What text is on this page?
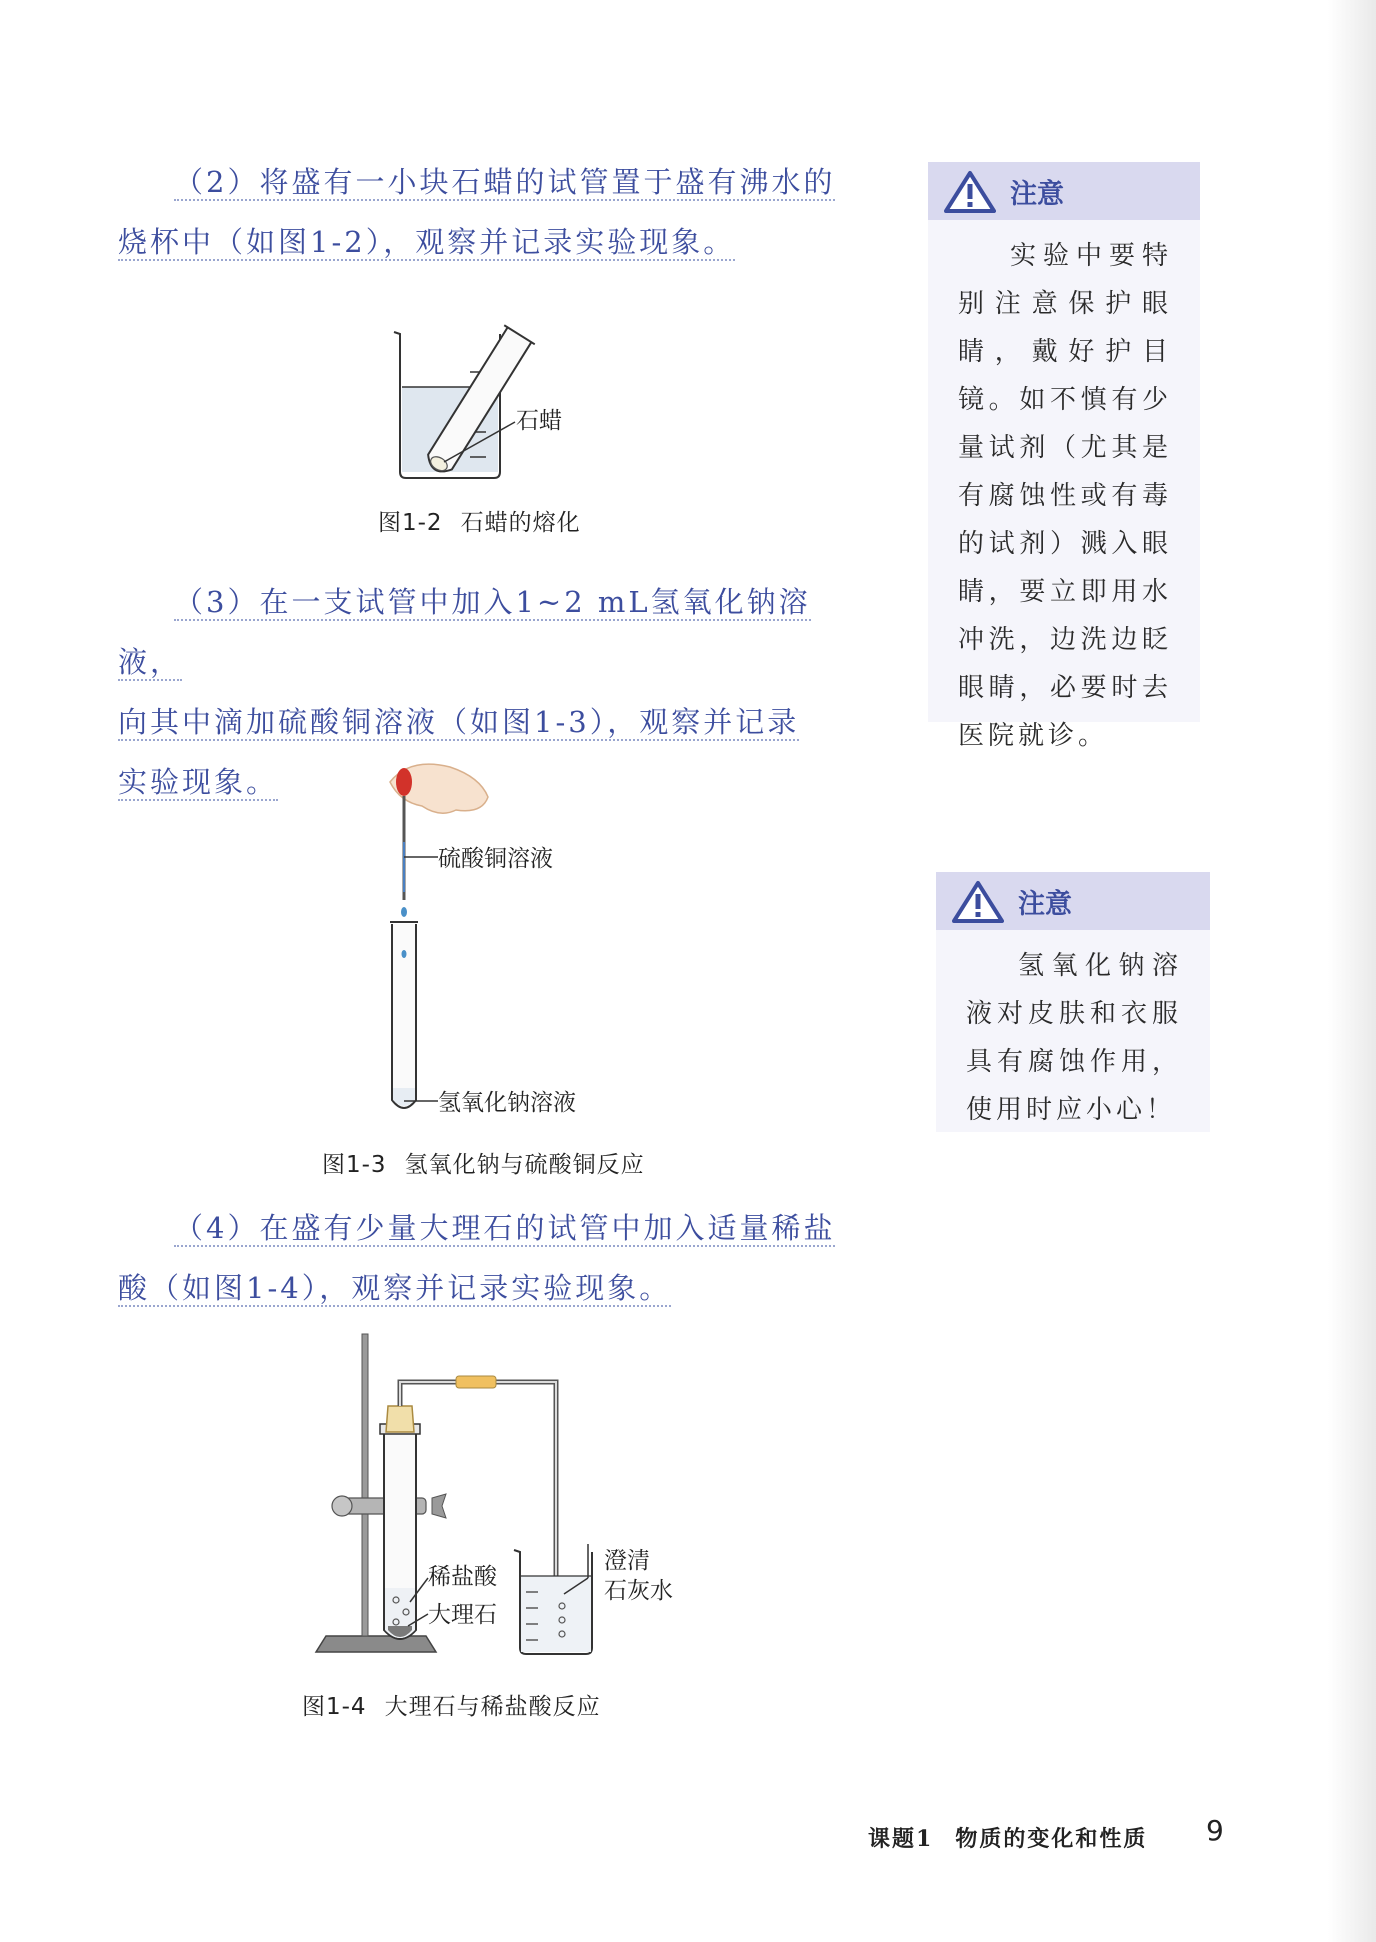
（2）将盛有一小块石蜡的试管置于盛有沸水的

烧杯中（如图1-2），观察并记录实验现象。

石蜡
图1-2 石蜡的熔化

（3）在一支试管中加入1~2 mL氢氧化钠溶液，

向其中滴加硫酸铜溶液（如图1-3），观察并记录

实验现象。

硫酸铜溶液
氢氧化钠溶液
图1-3 氢氧化钠与硫酸铜反应

（4）在盛有少量大理石的试管中加入适量稀盐

酸（如图1-4），观察并记录实验现象。

稀盐酸
大理石
澄清
石灰水
图1-4 大理石与稀盐酸反应
注意

实验中要特别注意保护眼睛，戴好护目镜。如不慎有少量试剂（尤其是有腐蚀性或有毒的试剂）溅入眼睛，要立即用水冲洗，边洗边眨眼睛，必要时去医院就诊。

注意

氢氧化钠溶液对皮肤和衣服具有腐蚀作用，使用时应小心！

课题1 物质的变化和性质 9
